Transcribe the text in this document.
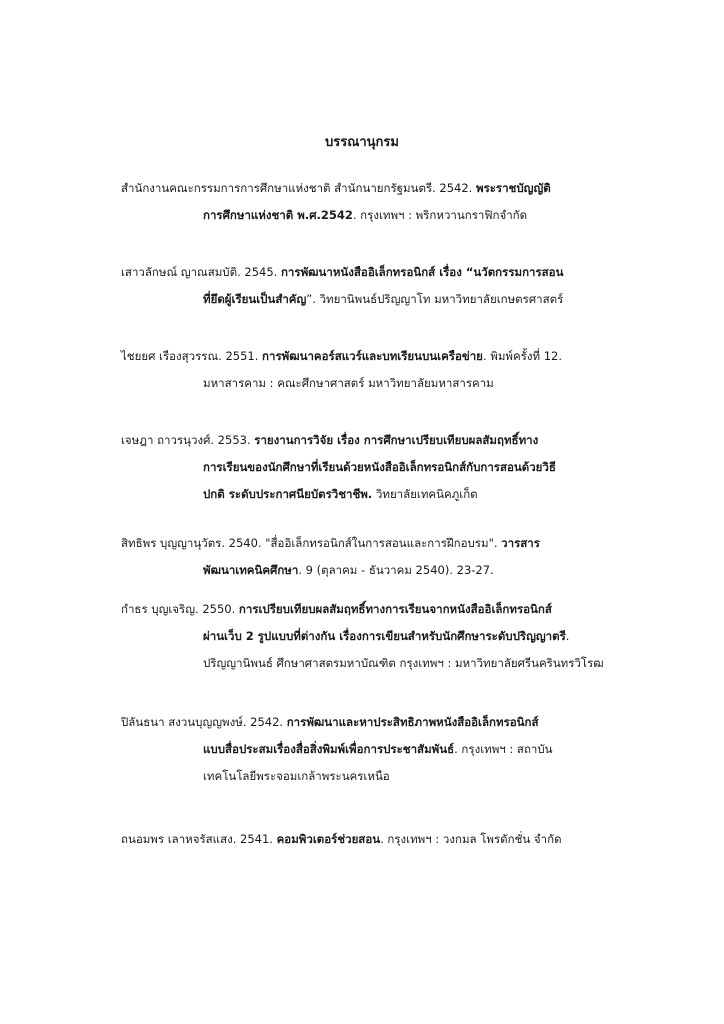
บรรณานุกรม
สำนักงานคณะกรรมการการศึกษาแห่งชาติ สำนักนายกรัฐมนตรี. 2542. พระราชบัญญัติ
การศึกษาแห่งชาติ พ.ศ.2542. กรุงเทพฯ : พริกหวานกราฟิกจำกัด
เสาวลักษณ์ ญาณสมบัติ. 2545. การพัฒนาหนังสืออิเล็กทรอนิกส์ เรื่อง “นวัตกรรมการสอน
ที่ยึดผู้เรียนเป็นสำคัญ”. วิทยานิพนธ์ปริญญาโท มหาวิทยาลัยเกษตรศาสตร์
ไชยยศ เรืองสุวรรณ. 2551. การพัฒนาคอร์สแวร์และบทเรียนบนเครือข่าย. พิมพ์ครั้งที่ 12.
มหาสารคาม : คณะศึกษาศาสตร์ มหาวิทยาลัยมหาสารคาม
เจษฎา ถาวรนุวงศ์. 2553. รายงานการวิจัย เรื่อง การศึกษาเปรียบเทียบผลสัมฤทธิ์ทาง
การเรียนของนักศึกษาที่เรียนด้วยหนังสืออิเล็กทรอนิกส์กับการสอนด้วยวิธี
ปกติ ระดับประกาศนียบัตรวิชาชีพ. วิทยาลัยเทคนิคภูเก็ต
สิทธิพร บุญญานุวัตร. 2540. "สื่ออิเล็กทรอนิกส์ในการสอนและการฝึกอบรม". วารสาร
พัฒนาเทคนิคศึกษา. 9 (ตุลาคม - ธันวาคม 2540). 23-27.
กำธร บุญเจริญ. 2550. การเปรียบเทียบผลสัมฤทธิ์ทางการเรียนจากหนังสืออิเล็กทรอนิกส์
ผ่านเว็บ 2 รูปแบบที่ต่างกัน เรื่องการเขียนสำหรับนักศึกษาระดับปริญญาตรี.
ปริญญานิพนธ์ ศึกษาศาสตรมหาบัณฑิต กรุงเทพฯ : มหาวิทยาลัยศรีนครินทรวิโรฒ
ปิลันธนา สงวนบุญญพงษ์. 2542. การพัฒนาและหาประสิทธิภาพหนังสืออิเล็กทรอนิกส์
แบบสื่อประสมเรื่องสื่อสิ่งพิมพ์เพื่อการประชาสัมพันธ์. กรุงเทพฯ : สถาบัน
เทคโนโลยีพระจอมเกล้าพระนครเหนือ
ถนอมพร เลาหจรัสแสง. 2541. คอมพิวเตอร์ช่วยสอน. กรุงเทพฯ : วงกมล โพรดักชั่น จำกัด
